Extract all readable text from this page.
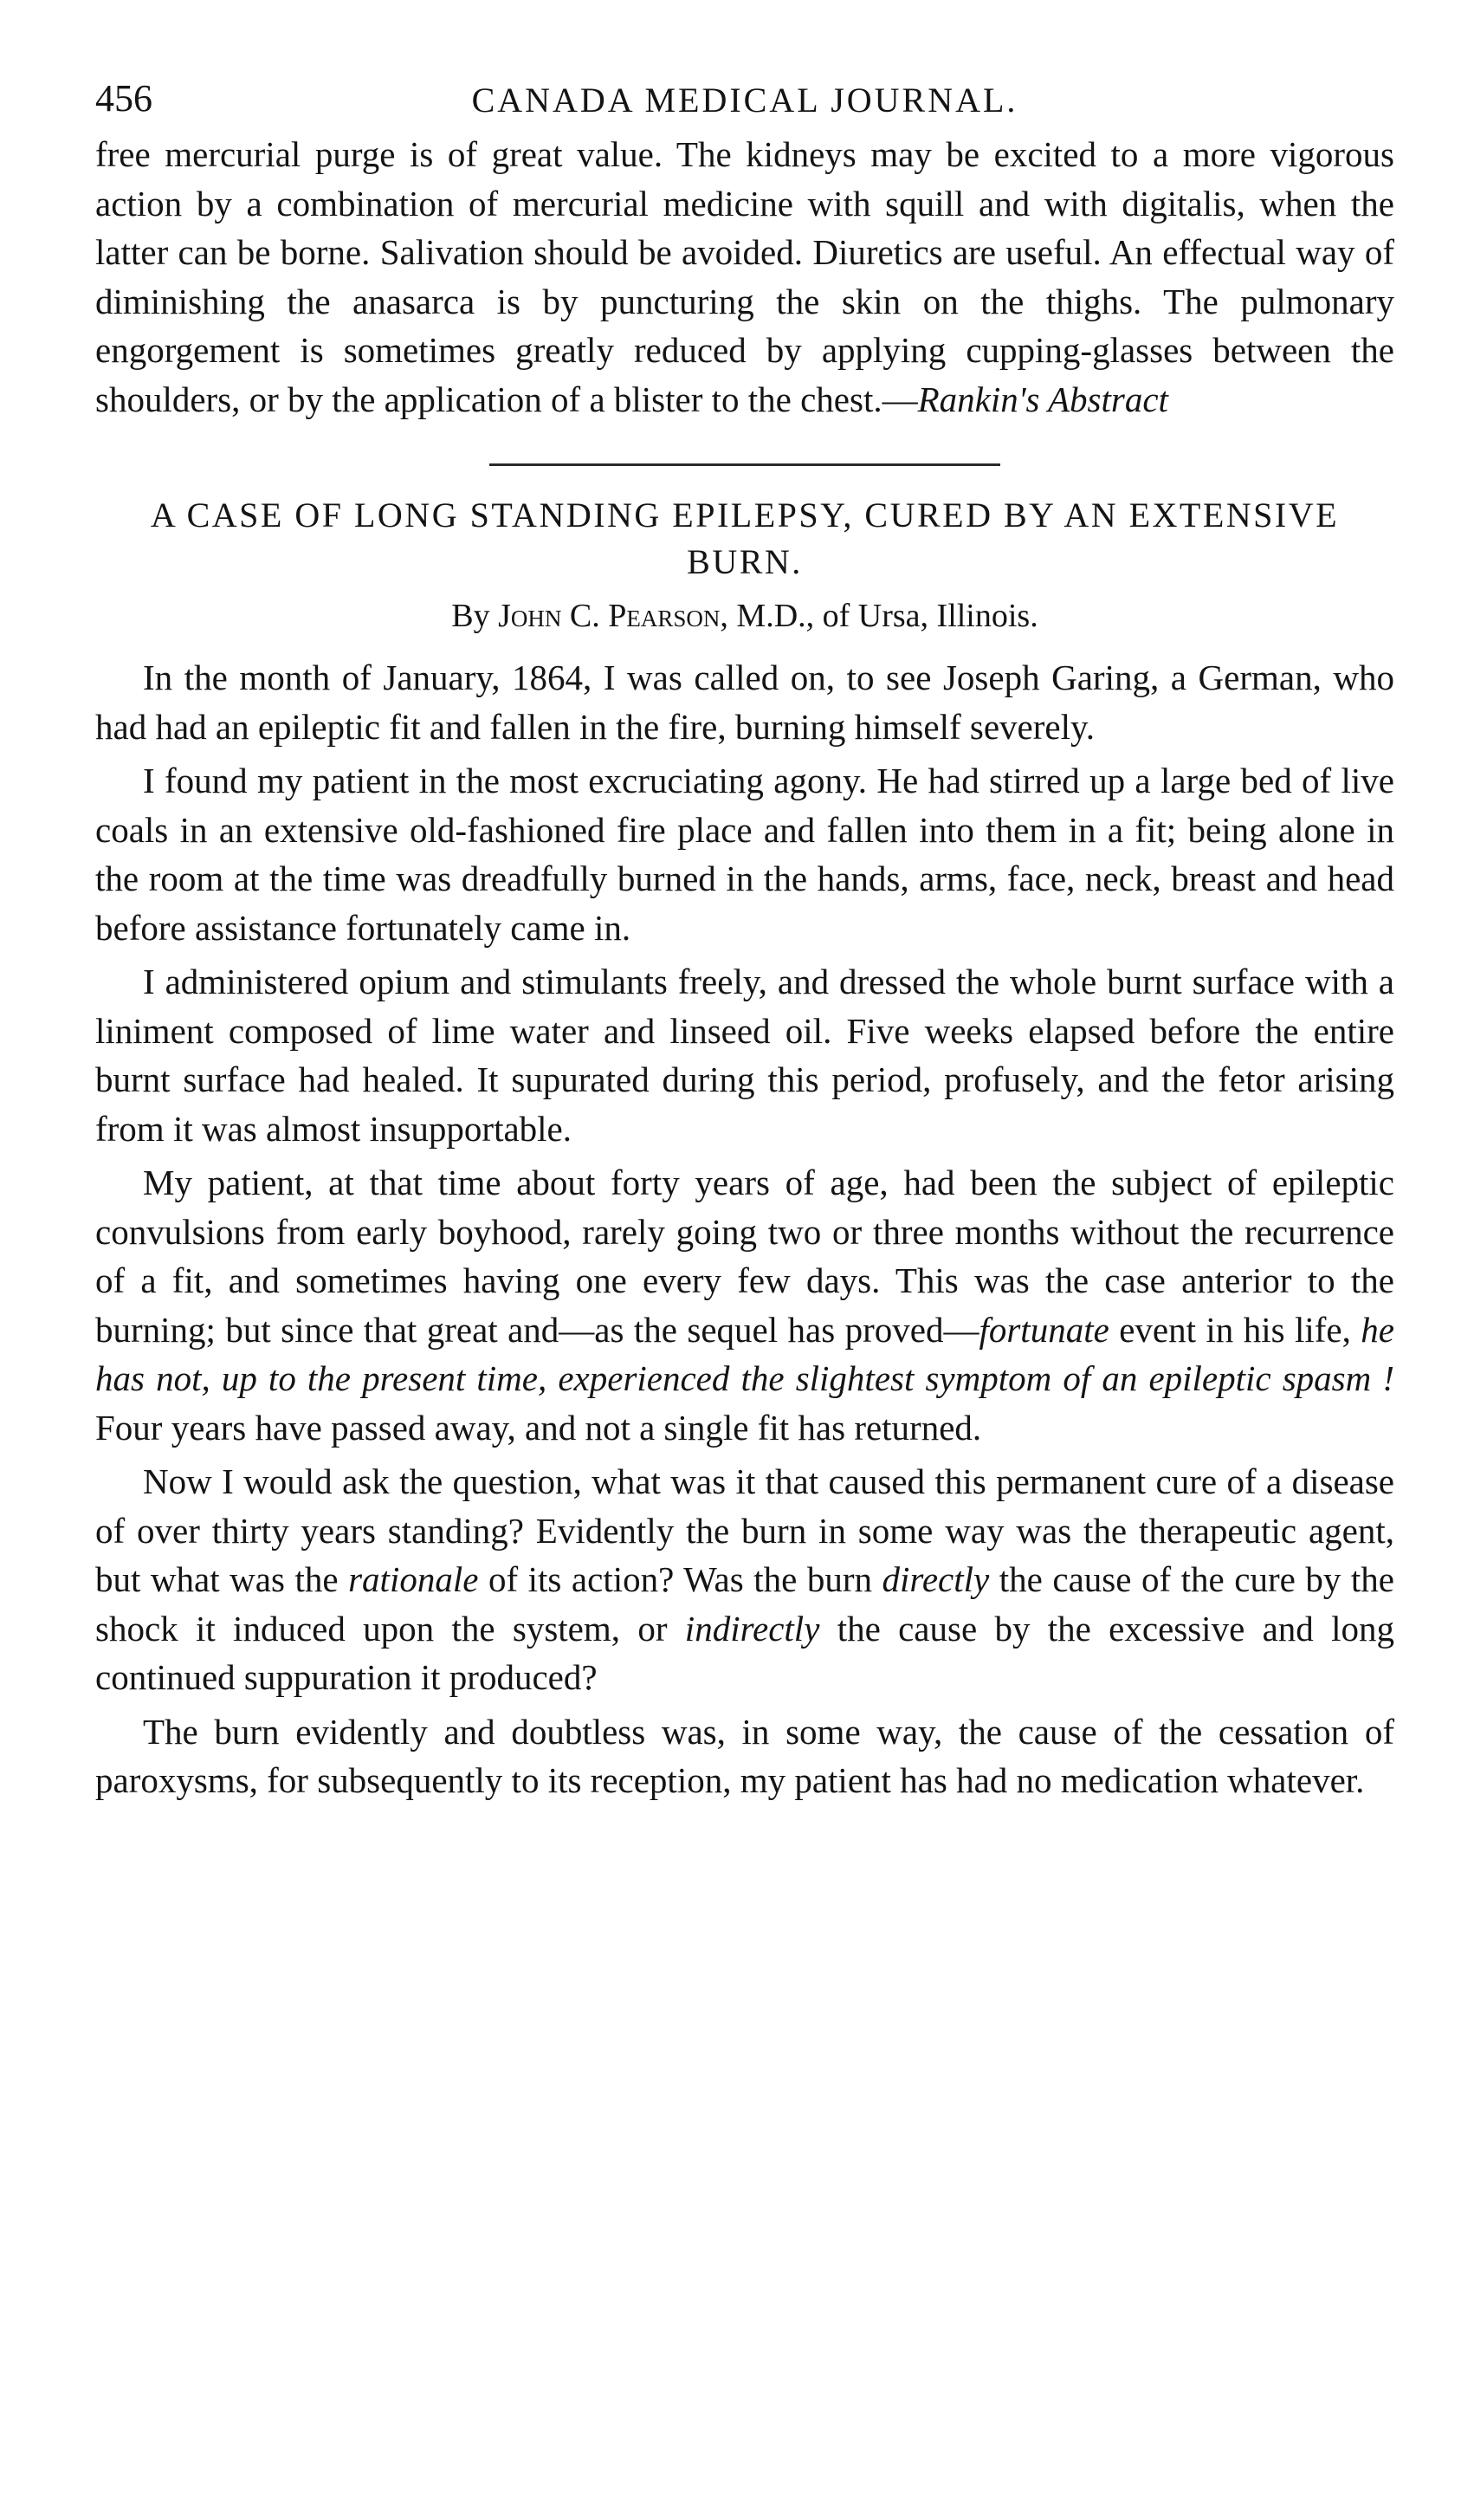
456	CANADA MEDICAL JOURNAL.

free mercurial purge is of great value. The kidneys may be excited to a more vigorous action by a combination of mercurial medicine with squill and with digitalis, when the latter can be borne. Salivation should be avoided. Diuretics are useful. An effectual way of diminishing the anasarca is by puncturing the skin on the thighs. The pulmonary engorgement is sometimes greatly reduced by applying cupping-glasses between the shoulders, or by the application of a blister to the chest.—Rankin's Abstract

A CASE OF LONG STANDING EPILEPSY, CURED BY AN EXTENSIVE BURN.
By John C. Pearson, M.D., of Ursa, Illinois.

In the month of January, 1864, I was called on, to see Joseph Garing, a German, who had had an epileptic fit and fallen in the fire, burning himself severely.

I found my patient in the most excruciating agony. He had stirred up a large bed of live coals in an extensive old-fashioned fire place and fallen into them in a fit; being alone in the room at the time was dreadfully burned in the hands, arms, face, neck, breast and head before assistance fortunately came in.

I administered opium and stimulants freely, and dressed the whole burnt surface with a liniment composed of lime water and linseed oil. Five weeks elapsed before the entire burnt surface had healed. It supurated during this period, profusely, and the fetor arising from it was almost insupportable.

My patient, at that time about forty years of age, had been the subject of epileptic convulsions from early boyhood, rarely going two or three months without the recurrence of a fit, and sometimes having one every few days. This was the case anterior to the burning; but since that great and—as the sequel has proved—fortunate event in his life, he has not, up to the present time, experienced the slightest symptom of an epileptic spasm ! Four years have passed away, and not a single fit has returned.

Now I would ask the question, what was it that caused this permanent cure of a disease of over thirty years standing? Evidently the burn in some way was the therapeutic agent, but what was the rationale of its action? Was the burn directly the cause of the cure by the shock it induced upon the system, or indirectly the cause by the excessive and long continued suppuration it produced?

The burn evidently and doubtless was, in some way, the cause of the cessation of paroxysms, for subsequently to its reception, my patient has had no medication whatever.
